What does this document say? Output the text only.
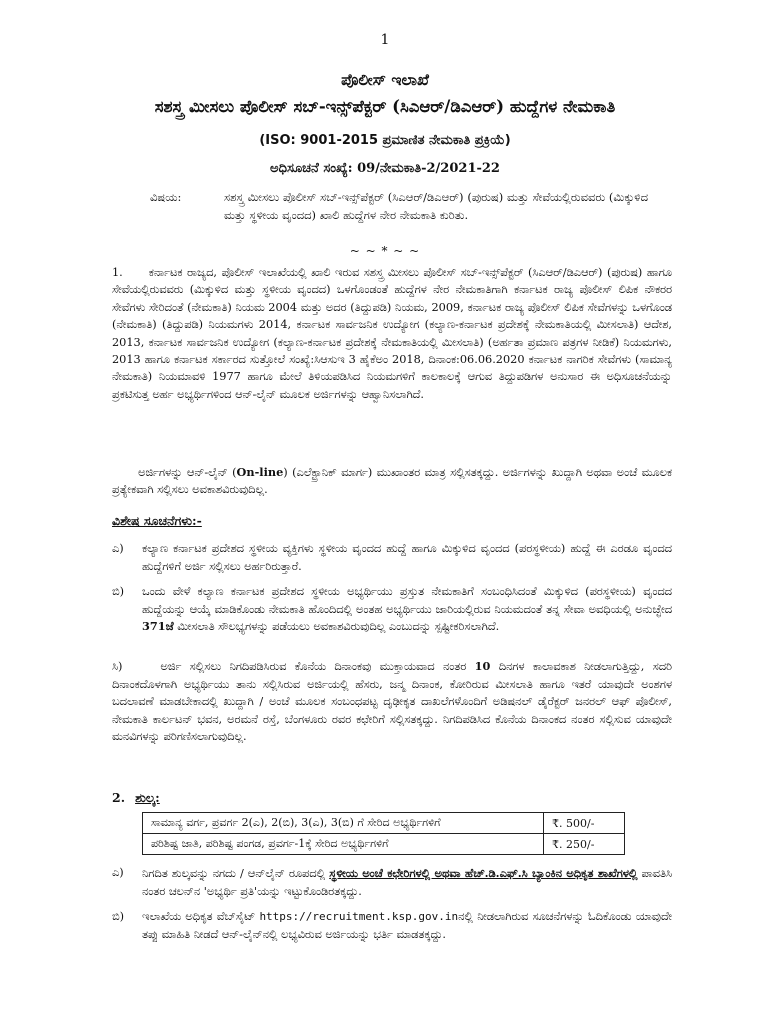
1
ಪೊಲೀಸ್ ಇಲಾಖೆ
ಸಶಸ್ತ್ರ ಮೀಸಲು ಪೊಲೀಸ್ ಸಬ್-ಇನ್ಸ್‌ಪೆಕ್ಟರ್ (ಸಿಎಆರ್/ಡಿಎಆರ್) ಹುದ್ದೆಗಳ ನೇಮಕಾತಿ
(ISO: 9001-2015 ಪ್ರಮಾಣಿತ ನೇಮಕಾತಿ ಪ್ರಕ್ರಿಯೆ)
ಅಧಿಸೂಚನೆ ಸಂಖ್ಯೆ: 09/ನೇಮಕಾತಿ-2/2021-22
ವಿಷಯ:	ಸಶಸ್ತ್ರ ಮೀಸಲು ಪೊಲೀಸ್ ಸಬ್-ಇನ್ಸ್‌ಪೆಕ್ಟರ್ (ಸಿಎಆರ್/ಡಿಎಆರ್) (ಪುರುಷ) ಮತ್ತು ಸೇವೆಯಲ್ಲಿರುವವರು (ಮಿಕ್ಕುಳಿದ ಮತ್ತು ಸ್ಥಳೀಯ ವೃಂದದ) ಖಾಲಿ ಹುದ್ದೆಗಳ ನೇರ ನೇಮಕಾತಿ ಕುರಿತು.
~ ~ * ~ ~
1. ಕರ್ನಾಟಕ ರಾಜ್ಯದ, ಪೊಲೀಸ್ ಇಲಾಖೆಯಲ್ಲಿ ಖಾಲಿ ಇರುವ ಸಶಸ್ತ್ರ ಮೀಸಲು ಪೊಲೀಸ್ ಸಬ್-ಇನ್ಸ್‌ಪೆಕ್ಟರ್ (ಸಿಎಆರ್/ಡಿಎಆರ್) (ಪುರುಷ) ಹಾಗೂ ಸೇವೆಯಲ್ಲಿರುವವರು (ಮಿಕ್ಕುಳಿದ ಮತ್ತು ಸ್ಥಳೀಯ ವೃಂದದ) ಒಳಗೊಂಡಂತೆ ಹುದ್ದೆಗಳ ನೇರ ನೇಮಕಾತಿಗಾಗಿ ಕರ್ನಾಟಕ ರಾಜ್ಯ ಪೊಲೀಸ್ ಲಿಪಿಕ ನೌಕರರ ಸೇವೆಗಳು ಸೇರಿದಂತೆ (ನೇಮಕಾತಿ) ನಿಯಮ 2004 ಮತ್ತು ಅದರ (ತಿದ್ದುಪಡಿ) ನಿಯಮ, 2009, ಕರ್ನಾಟಕ ರಾಜ್ಯ ಪೊಲೀಸ್ ಲಿಪಿಕ ಸೇವೆಗಳನ್ನು ಒಳಗೊಂಡ (ನೇಮಕಾತಿ) (ತಿದ್ದುಪಡಿ) ನಿಯಮಗಳು 2014, ಕರ್ನಾಟಕ ಸಾರ್ವಜನಿಕ ಉದ್ಯೋಗ (ಕಲ್ಯಾಣ-ಕರ್ನಾಟಕ ಪ್ರದೇಶಕ್ಕೆ ನೇಮಕಾತಿಯಲ್ಲಿ ಮೀಸಲಾತಿ) ಆದೇಶ, 2013, ಕರ್ನಾಟಕ ಸಾರ್ವಜನಿಕ ಉದ್ಯೋಗ (ಕಲ್ಯಾಣ-ಕರ್ನಾಟಕ ಪ್ರದೇಶಕ್ಕೆ ನೇಮಕಾತಿಯಲ್ಲಿ ಮೀಸಲಾತಿ) (ಅರ್ಹತಾ ಪ್ರಮಾಣ ಪತ್ರಗಳ ನೀಡಿಕೆ) ನಿಯಮಗಳು, 2013 ಹಾಗೂ ಕರ್ನಾಟಕ ಸರ್ಕಾರದ ಸುತ್ತೋಲೆ ಸಂಖ್ಯೆ:ಸಿಆಸುಇ 3 ಹೈಕೆಅಂ 2018, ದಿನಾಂಕ:06.06.2020 ಕರ್ನಾಟಕ ನಾಗರಿಕ ಸೇವೆಗಳು (ಸಾಮಾನ್ಯ ನೇಮಕಾತಿ) ನಿಯಮಾವಳಿ 1977 ಹಾಗೂ ಮೇಲೆ ತಿಳಿಯಪಡಿಸಿದ ನಿಯಮಗಳಿಗೆ ಕಾಲಕಾಲಕ್ಕೆ ಆಗುವ ತಿದ್ದುಪಡಿಗಳ ಅನುಸಾರ ಈ ಅಧಿಸೂಚನೆಯನ್ನು ಪ್ರಕಟಿಸುತ್ತ ಅರ್ಹ ಅಭ್ಯರ್ಥಿಗಳಿಂದ ಆನ್-ಲೈನ್ ಮೂಲಕ ಅರ್ಜಿಗಳನ್ನು ಆಹ್ವಾನಿಸಲಾಗಿದೆ.
ಅರ್ಜಿಗಳನ್ನು ಆನ್-ಲೈನ್ (On-line) (ಎಲೆಕ್ಟ್ರಾನಿಕ್ ಮಾರ್ಗ) ಮುಖಾಂತರ ಮಾತ್ರ ಸಲ್ಲಿಸತಕ್ಕದ್ದು. ಅರ್ಜಿಗಳನ್ನು ಖುದ್ದಾಗಿ ಅಥವಾ ಅಂಚೆ ಮೂಲಕ ಪ್ರತ್ಯೇಕವಾಗಿ ಸಲ್ಲಿಸಲು ಅವಕಾಶವಿರುವುದಿಲ್ಲ.
ವಿಶೇಷ ಸೂಚನೆಗಳು:-
ಎ)	ಕಲ್ಯಾಣ ಕರ್ನಾಟಕ ಪ್ರದೇಶದ ಸ್ಥಳೀಯ ವ್ಯಕ್ತಿಗಳು ಸ್ಥಳೀಯ ವೃಂದದ ಹುದ್ದೆ ಹಾಗೂ ಮಿಕ್ಕುಳಿದ ವೃಂದದ (ಪರಸ್ಥಳೀಯ) ಹುದ್ದೆ ಈ ಎರಡೂ ವೃಂದದ ಹುದ್ದೆಗಳಿಗೆ ಅರ್ಜಿ ಸಲ್ಲಿಸಲು ಅರ್ಹರಿರುತ್ತಾರೆ.
ಬಿ)	ಒಂದು ವೇಳೆ ಕಲ್ಯಾಣ ಕರ್ನಾಟಕ ಪ್ರದೇಶದ ಸ್ಥಳೀಯ ಅಭ್ಯರ್ಥಿಯು ಪ್ರಸ್ತುತ ನೇಮಕಾತಿಗೆ ಸಂಬಂಧಿಸಿದಂತೆ ಮಿಕ್ಕುಳಿದ (ಪರಸ್ಥಳೀಯ) ವೃಂದದ ಹುದ್ದೆಯನ್ನು ಆಯ್ಕೆ ಮಾಡಿಕೊಂಡು ನೇಮಕಾತಿ ಹೊಂದಿದಲ್ಲಿ ಅಂತಹ ಅಭ್ಯರ್ಥಿಯು ಜಾರಿಯಲ್ಲಿರುವ ನಿಯಮದಂತೆ ತನ್ನ ಸೇವಾ ಅವಧಿಯಲ್ಲಿ ಅನುಚ್ಛೇದ 371ಜೆ ಮೀಸಲಾತಿ ಸೌಲಭ್ಯಗಳನ್ನು ಪಡೆಯಲು ಅವಕಾಶವಿರುವುದಿಲ್ಲ ಎಂಬುದನ್ನು ಸ್ಪಷ್ಟೀಕರಿಸಲಾಗಿದೆ.
ಸಿ)	ಅರ್ಜಿ ಸಲ್ಲಿಸಲು ನಿಗದಿಪಡಿಸಿರುವ ಕೊನೆಯ ದಿನಾಂಕವು ಮುಕ್ತಾಯವಾದ ನಂತರ 10 ದಿನಗಳ ಕಾಲಾವಕಾಶ ನೀಡಲಾಗುತ್ತಿದ್ದು, ಸದರಿ ದಿನಾಂಕದೊಳಗಾಗಿ ಅಭ್ಯರ್ಥಿಯು ತಾನು ಸಲ್ಲಿಸಿರುವ ಅರ್ಜಿಯಲ್ಲಿ ಹೆಸರು, ಜನ್ಮ ದಿನಾಂಕ, ಕೋರಿರುವ ಮೀಸಲಾತಿ ಹಾಗೂ ಇತರೆ ಯಾವುದೇ ಅಂಶಗಳ ಬದಲಾವಣೆ ಮಾಡಬೇಕಾದಲ್ಲಿ ಖುದ್ದಾಗಿ / ಅಂಚೆ ಮೂಲಕ ಸಂಬಂಧಪಟ್ಟ ದೃಢೀಕೃತ ದಾಖಲೆಗಳೊಂದಿಗೆ ಅಡಿಷನಲ್ ಡೈರೆಕ್ಟರ್ ಜನರಲ್ ಆಫ್ ಪೊಲೀಸ್, ನೇಮಕಾತಿ ಕಾರ್ಲಟನ್ ಭವನ, ಅರಮನೆ ರಸ್ತೆ, ಬೆಂಗಳೂರು ರವರ ಕಛೇರಿಗೆ ಸಲ್ಲಿಸತಕ್ಕದ್ದು. ನಿಗದಿಪಡಿಸಿದ ಕೊನೆಯ ದಿನಾಂಕದ ನಂತರ ಸಲ್ಲಿಸುವ ಯಾವುದೇ ಮನವಿಗಳನ್ನು ಪರಿಗಣಿಸಲಾಗುವುದಿಲ್ಲ.
2. ಶುಲ್ಕ:
ಸಾಮಾನ್ಯ ವರ್ಗ, ಪ್ರವರ್ಗ 2(ಎ), 2(ಬಿ), 3(ಎ), 3(ಬಿ) ಗೆ ಸೇರಿದ ಅಭ್ಯರ್ಥಿಗಳಿಗೆ	₹. 500/-
ಪರಿಶಿಷ್ಟ ಜಾತಿ, ಪರಿಶಿಷ್ಟ ಪಂಗಡ, ಪ್ರವರ್ಗ-1ಕ್ಕೆ ಸೇರಿದ ಅಭ್ಯರ್ಥಿಗಳಿಗೆ	₹. 250/-
ಎ) ನಿಗದಿತ ಶುಲ್ಕವನ್ನು ನಗದು / ಆನ್‌ಲೈನ್ ರೂಪದಲ್ಲಿ ಸ್ಥಳೀಯ ಅಂಚೆ ಕಛೇರಿಗಳಲ್ಲಿ ಅಥವಾ ಹೆಚ್.ಡಿ.ಎಫ್.ಸಿ ಬ್ಯಾಂಕಿನ ಅಧಿಕೃತ ಶಾಖೆಗಳಲ್ಲಿ ಪಾವತಿಸಿ ನಂತರ ಚಲನ್‌ನ 'ಅಭ್ಯರ್ಥಿ ಪ್ರತಿ'ಯನ್ನು ಇಟ್ಟುಕೊಂಡಿರತಕ್ಕದ್ದು.
ಬಿ) ಇಲಾಖೆಯ ಅಧಿಕೃತ ವೆಬ್‌ಸೈಟ್ https://recruitment.ksp.gov.inನಲ್ಲಿ ನೀಡಲಾಗಿರುವ ಸೂಚನೆಗಳನ್ನು ಓದಿಕೊಂಡು ಯಾವುದೇ ತಪ್ಪು ಮಾಹಿತಿ ನೀಡದೆ ಆನ್-ಲೈನ್‌ನಲ್ಲಿ ಲಭ್ಯವಿರುವ ಅರ್ಜಿಯನ್ನು ಭರ್ತಿ ಮಾಡತಕ್ಕದ್ದು.
